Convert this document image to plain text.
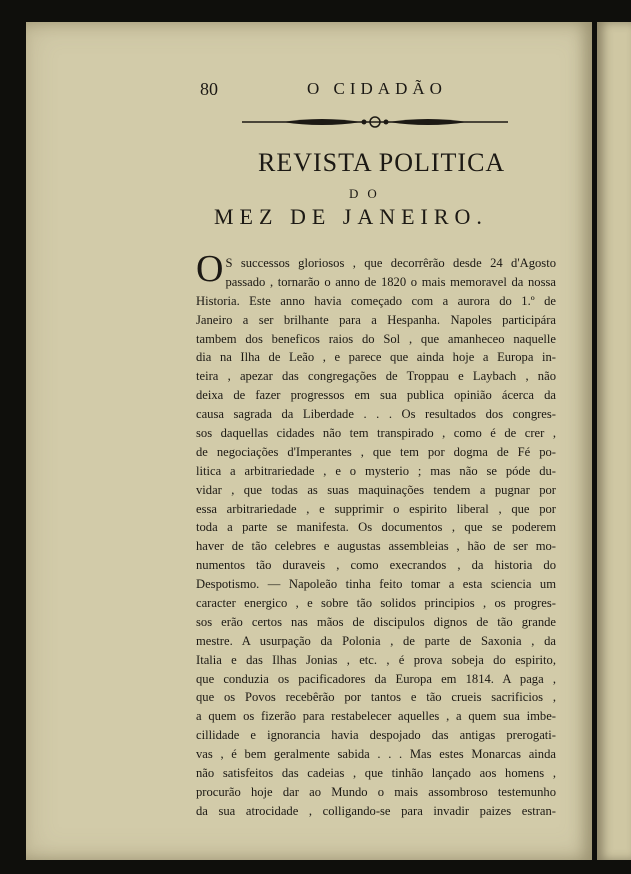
80	O CIDADÃO
REVISTA POLITICA
DO
MEZ DE JANEIRO.
O S successos gloriosos , que decorrêrão desde 24 d'Agosto
passado , tornarão o anno de 1820 o mais memoravel da nossa
Historia. Este anno havia começado com a aurora do 1.º de
Janeiro a ser brilhante para a Hespanha. Napoles participára
tambem dos beneficos raios do Sol , que amanheceo naquelle
dia na Ilha de Leão , e parece que ainda hoje a Europa in-
teira , apezar das congregações de Troppau e Laybach , não
deixa de fazer progressos em sua publica opinião ácerca da
causa sagrada da Liberdade . . . Os resultados dos congres-
sos daquellas cidades não tem transpirado , como é de crer ,
de negociações d'Imperantes , que tem por dogma de Fé po-
litica a arbitrariedade , e o mysterio ; mas não se póde du-
vidar , que todas as suas maquinações tendem a pugnar por
essa arbitrariedade , e supprimir o espirito liberal , que por
toda a parte se manifesta. Os documentos , que se poderem
haver de tão celebres e augustas assembleias , hão de ser mo-
numentos tão duraveis , como execrandos , da historia do
Despotismo. — Napoleão tinha feito tomar a esta sciencia um
caracter energico , e sobre tão solidos principios , os progres-
sos erão certos nas mãos de discipulos dignos de tão grande
mestre. A usurpação da Polonia , de parte de Saxonia , da
Italia e das Ilhas Jonias , etc. , é prova sobeja do espirito,
que conduzia os pacificadores da Europa em 1814. A paga ,
que os Povos recebêrão por tantos e tão crueis sacrificios ,
a quem os fizerão para restabelecer aquelles , a quem sua imbe-
cillidade e ignorancia havia despojado das antigas prerogati-
vas , é bem geralmente sabida . . . Mas estes Monarcas ainda
não satisfeitos das cadeias , que tinhão lançado aos homens ,
procurão hoje dar ao Mundo o mais assombroso testemunho
da sua atrocidade , colligando-se para invadir paizes estran-
